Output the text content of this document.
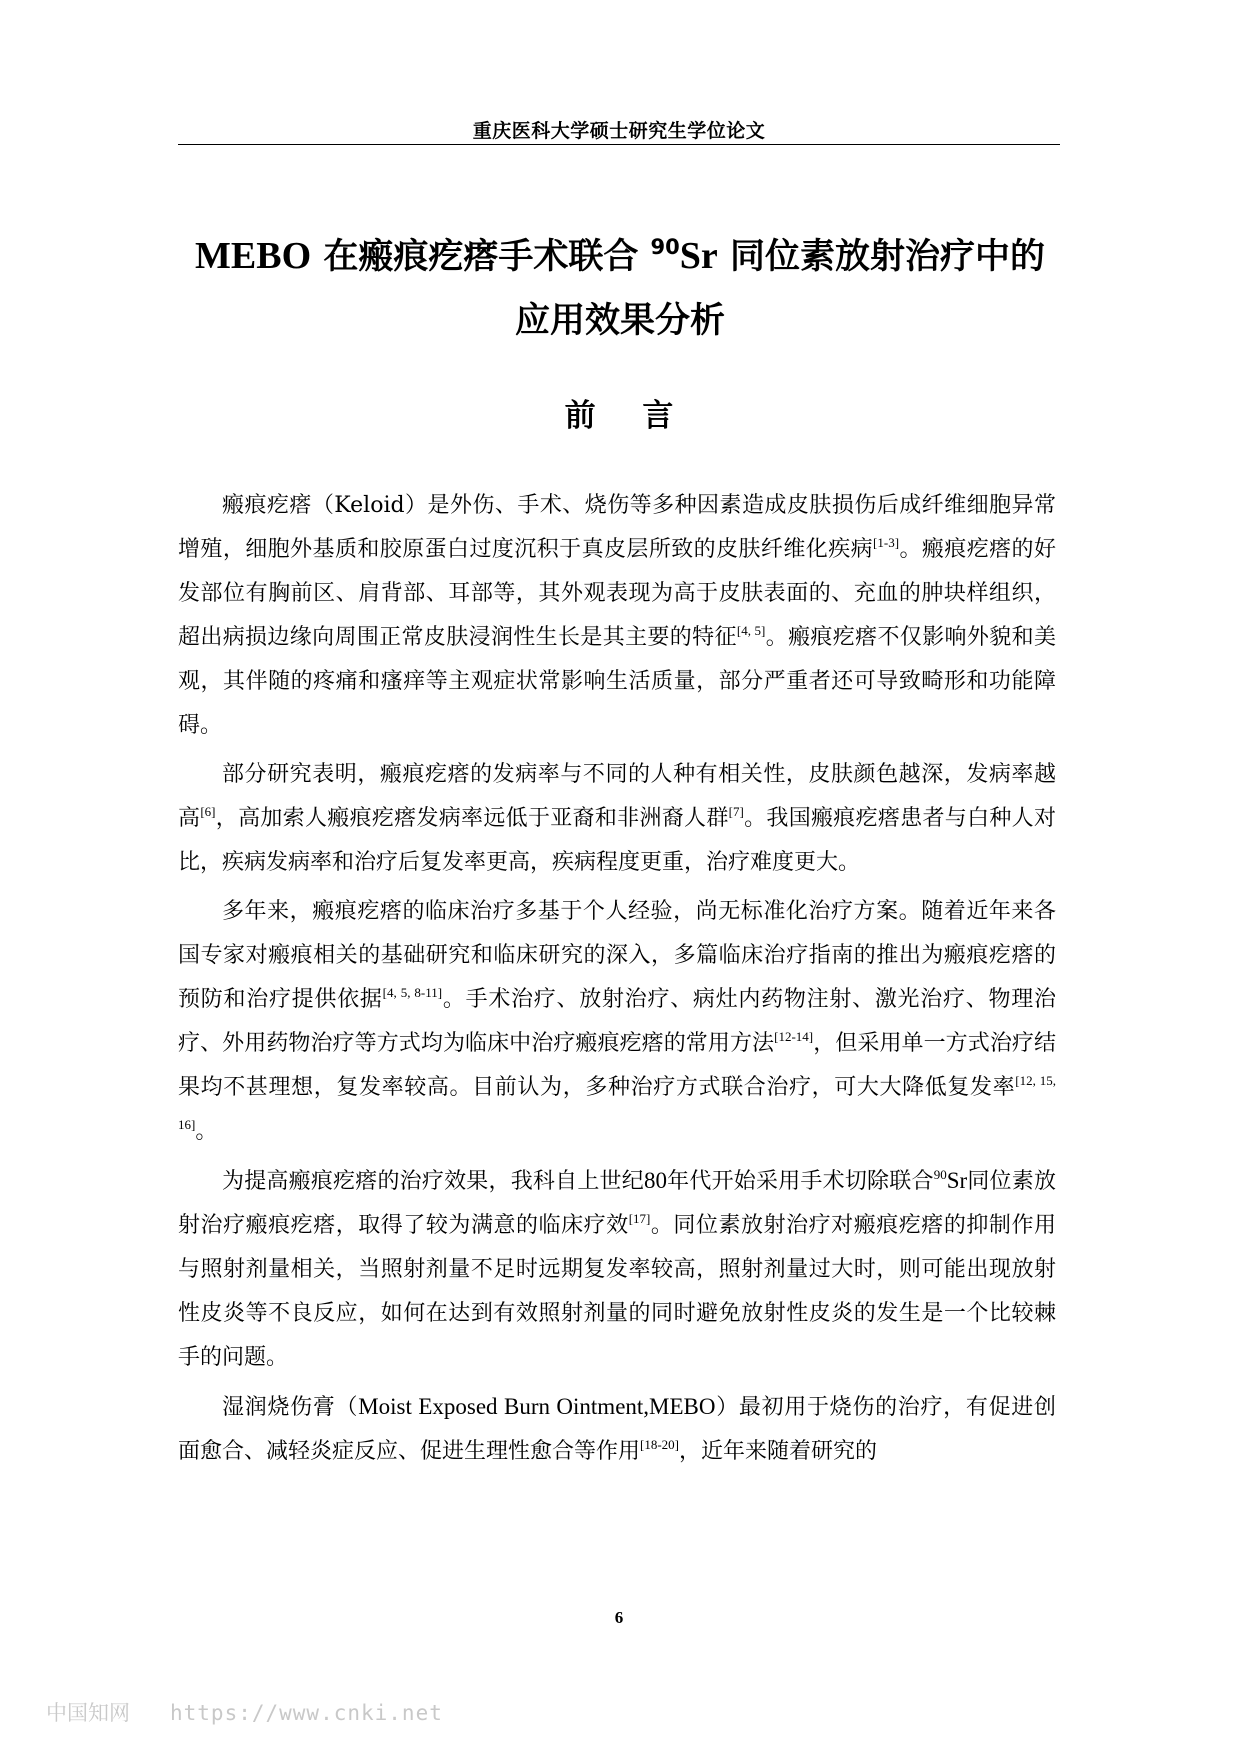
重庆医科大学硕士研究生学位论文
MEBO 在瘢痕疙瘩手术联合 $^{90}$Sr 同位素放射治疗中的
应用效果分析
前 言

瘢痕疙瘩（Keloid）是外伤、手术、烧伤等多种因素造成皮肤损伤后成纤维细胞异常增殖，细胞外基质和胶原蛋白过度沉积于真皮层所致的皮肤纤维化疾病[1-3]。瘢痕疙瘩的好发部位有胸前区、肩背部、耳部等，其外观表现为高于皮肤表面的、充血的肿块样组织，超出病损边缘向周围正常皮肤浸润性生长是其主要的特征[4, 5]。瘢痕疙瘩不仅影响外貌和美观，其伴随的疼痛和瘙痒等主观症状常影响生活质量，部分严重者还可导致畸形和功能障碍。

部分研究表明，瘢痕疙瘩的发病率与不同的人种有相关性，皮肤颜色越深，发病率越高[6]，高加索人瘢痕疙瘩发病率远低于亚裔和非洲裔人群[7]。我国瘢痕疙瘩患者与白种人对比，疾病发病率和治疗后复发率更高，疾病程度更重，治疗难度更大。

多年来，瘢痕疙瘩的临床治疗多基于个人经验，尚无标准化治疗方案。随着近年来各国专家对瘢痕相关的基础研究和临床研究的深入，多篇临床治疗指南的推出为瘢痕疙瘩的预防和治疗提供依据[4, 5, 8-11]。手术治疗、放射治疗、病灶内药物注射、激光治疗、物理治疗、外用药物治疗等方式均为临床中治疗瘢痕疙瘩的常用方法[12-14]，但采用单一方式治疗结果均不甚理想，复发率较高。目前认为，多种治疗方式联合治疗，可大大降低复发率[12, 15, 16]。

为提高瘢痕疙瘩的治疗效果，我科自上世纪80年代开始采用手术切除联合$^{90}$Sr同位素放射治疗瘢痕疙瘩，取得了较为满意的临床疗效[17]。同位素放射治疗对瘢痕疙瘩的抑制作用与照射剂量相关，当照射剂量不足时远期复发率较高，照射剂量过大时，则可能出现放射性皮炎等不良反应，如何在达到有效照射剂量的同时避免放射性皮炎的发生是一个比较棘手的问题。

湿润烧伤膏（Moist Exposed Burn Ointment,MEBO）最初用于烧伤的治疗，有促进创面愈合、减轻炎症反应、促进生理性愈合等作用[18-20]，近年来随着研究的

6
中国知网 https://www.cnki.net
